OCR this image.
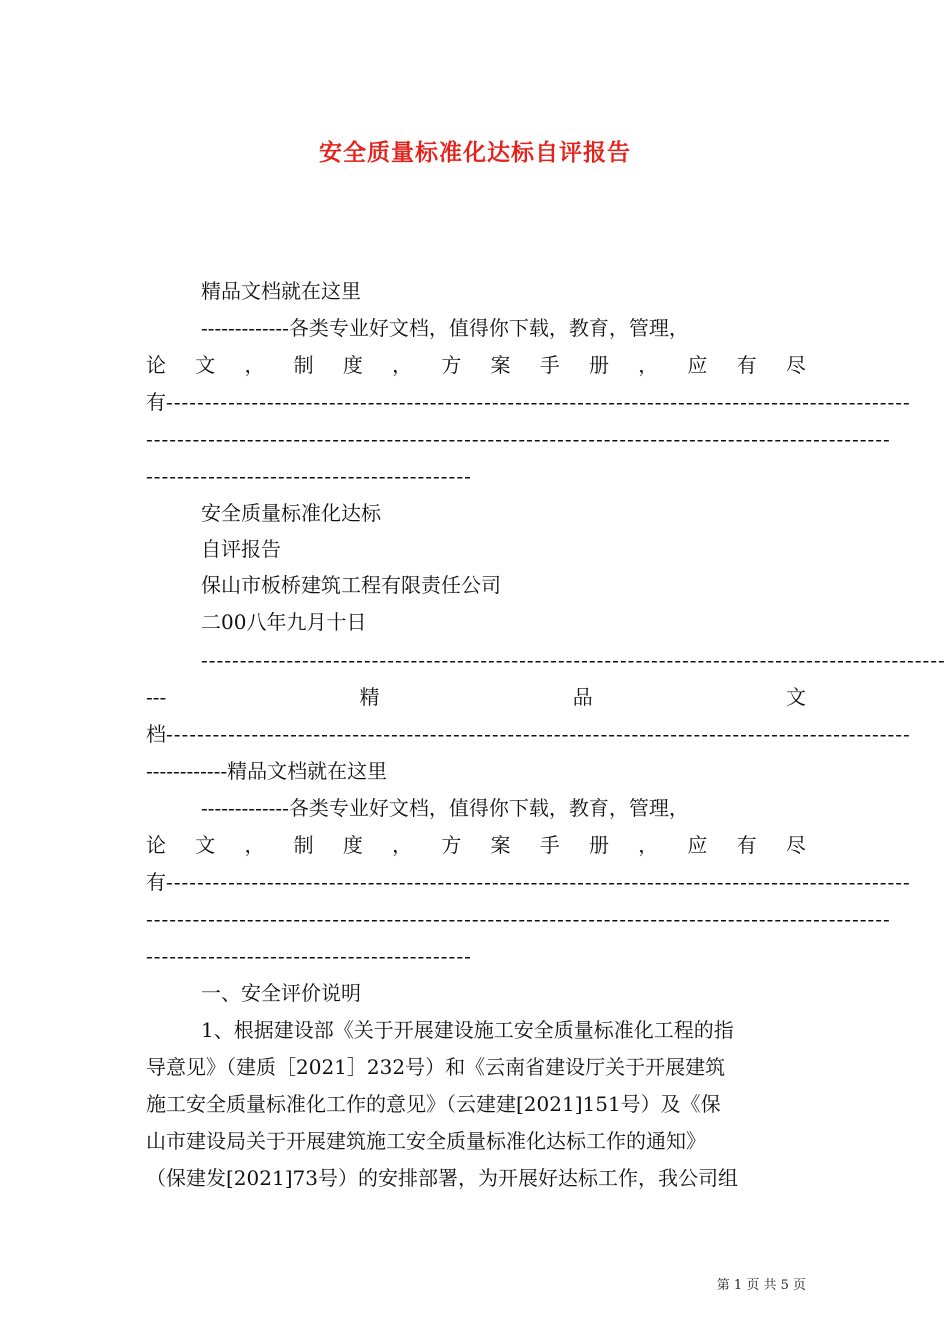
安全质量标准化达标自评报告
精品文档就在这里
-------------各类专业好文档，值得你下载，教育，管理，
论 文 ， 制 度 ， 方 案 手 册 ， 应 有 尽
有 ------------------------------------------------------------------------------------------------
------------------------------------------------------------------------------------------------
------------------------------------------
安全质量标准化达标
自评报告
保山市板桥建筑工程有限责任公司
二00八年九月十日
------------------------------------------------------------------------------------------------
---	精	品	文
档 ------------------------------------------------------------------------------------------------
------------精品文档就在这里
-------------各类专业好文档，值得你下载，教育，管理，
论 文 ， 制 度 ， 方 案 手 册 ， 应 有 尽
有 ------------------------------------------------------------------------------------------------
------------------------------------------------------------------------------------------------
------------------------------------------
一、安全评价说明
1、根据建设部《关于开展建设施工安全质量标准化工程的指
导意见》（建质［2021］232号）和《云南省建设厅关于开展建筑
施工安全质量标准化工作的意见》（云建建[2021]151号）及《保
山市建设局关于开展建筑施工安全质量标准化达标工作的通知》
（保建发[2021]73号）的安排部署，为开展好达标工作，我公司组
第 1 页 共 5 页
